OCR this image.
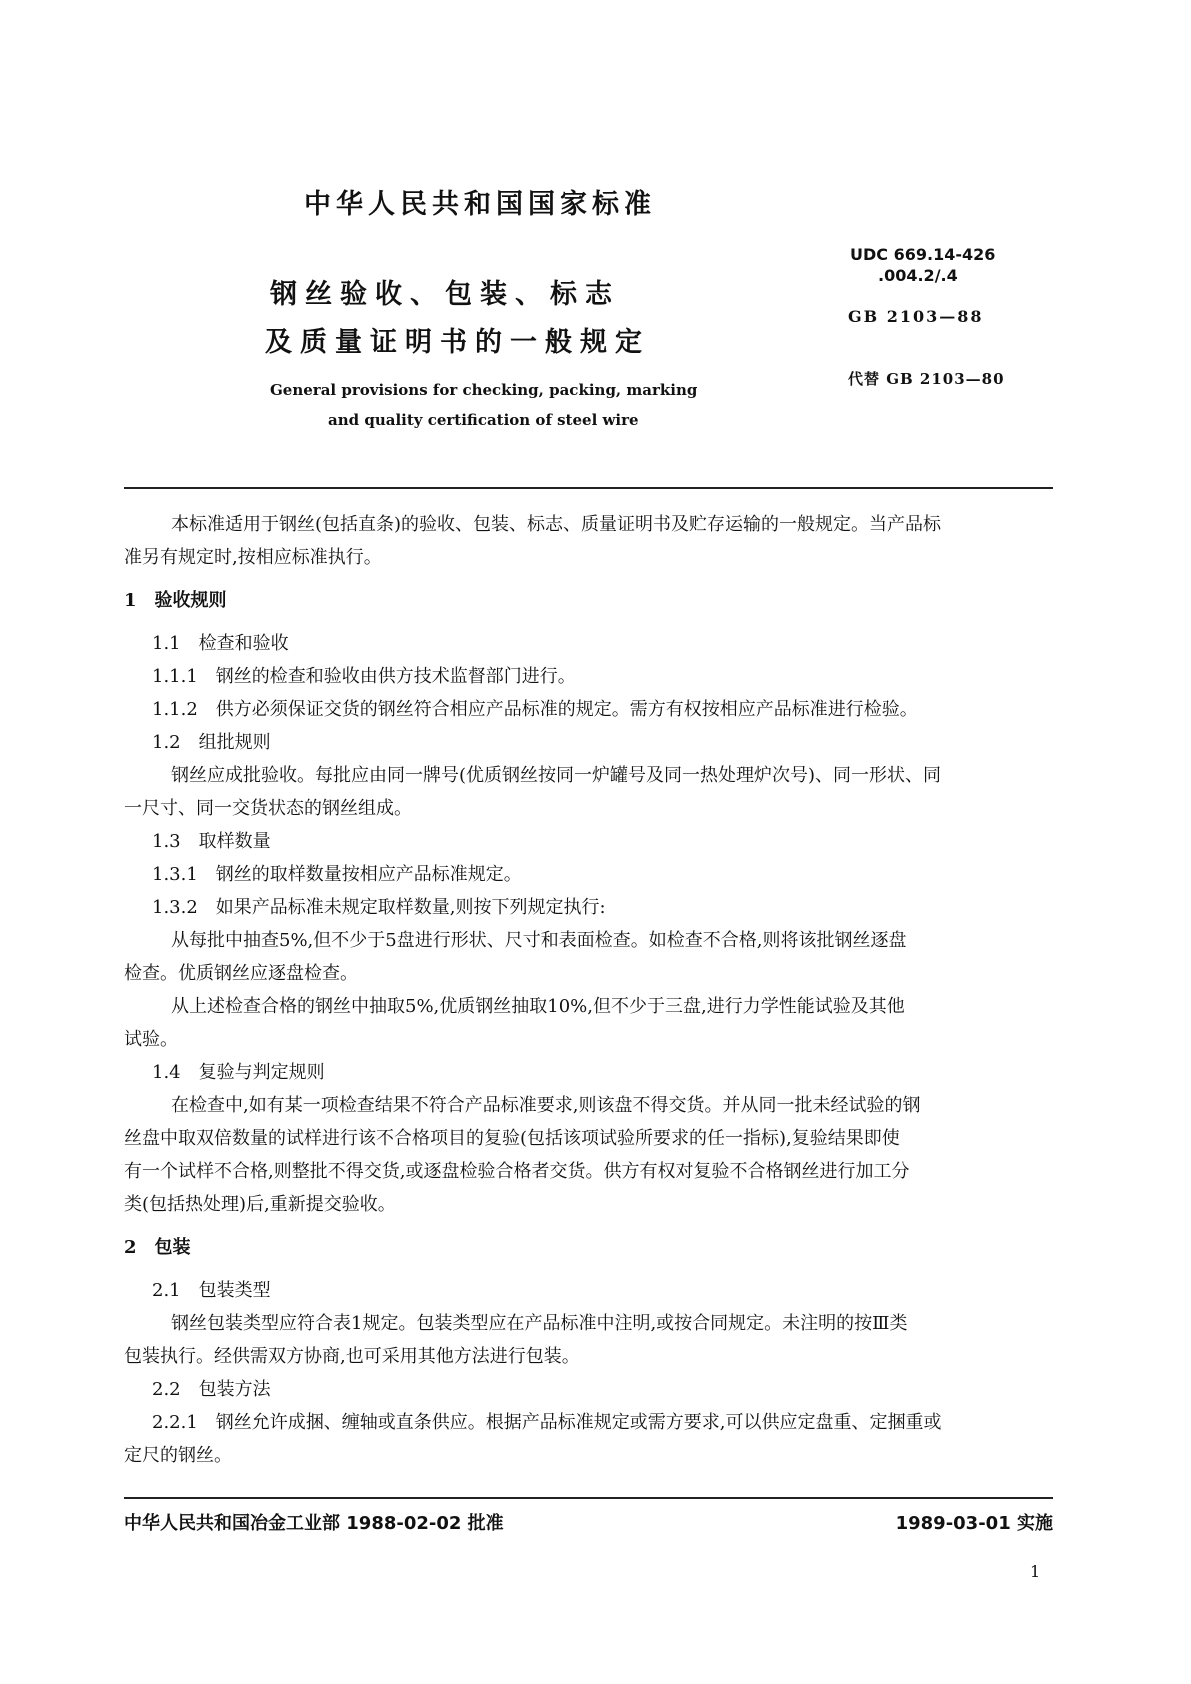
中华人民共和国国家标准
钢丝验收、包装、标志
及质量证明书的一般规定
General provisions for checking, packing, marking
and quality certification of steel wire
UDC 669.14-426
.004.2/.4
GB 2103—88
代替 GB 2103—80

本标准适用于钢丝(包括直条)的验收、包装、标志、质量证明书及贮存运输的一般规定。当产品标

准另有规定时,按相应标准执行。

1　验收规则

1.1　检查和验收

1.1.1　钢丝的检查和验收由供方技术监督部门进行。

1.1.2　供方必须保证交货的钢丝符合相应产品标准的规定。需方有权按相应产品标准进行检验。

1.2　组批规则

钢丝应成批验收。每批应由同一牌号(优质钢丝按同一炉罐号及同一热处理炉次号)、同一形状、同

一尺寸、同一交货状态的钢丝组成。

1.3　取样数量

1.3.1　钢丝的取样数量按相应产品标准规定。

1.3.2　如果产品标准未规定取样数量,则按下列规定执行:

从每批中抽查5%,但不少于5盘进行形状、尺寸和表面检查。如检查不合格,则将该批钢丝逐盘

检查。优质钢丝应逐盘检查。

从上述检查合格的钢丝中抽取5%,优质钢丝抽取10%,但不少于三盘,进行力学性能试验及其他

试验。

1.4　复验与判定规则

在检查中,如有某一项检查结果不符合产品标准要求,则该盘不得交货。并从同一批未经试验的钢

丝盘中取双倍数量的试样进行该不合格项目的复验(包括该项试验所要求的任一指标),复验结果即使

有一个试样不合格,则整批不得交货,或逐盘检验合格者交货。供方有权对复验不合格钢丝进行加工分

类(包括热处理)后,重新提交验收。

2　包装

2.1　包装类型

钢丝包装类型应符合表1规定。包装类型应在产品标准中注明,或按合同规定。未注明的按Ⅲ类

包装执行。经供需双方协商,也可采用其他方法进行包装。

2.2　包装方法

2.2.1　钢丝允许成捆、缠轴或直条供应。根据产品标准规定或需方要求,可以供应定盘重、定捆重或

定尺的钢丝。

中华人民共和国冶金工业部 1988-02-02 批准	1989-03-01 实施
1
